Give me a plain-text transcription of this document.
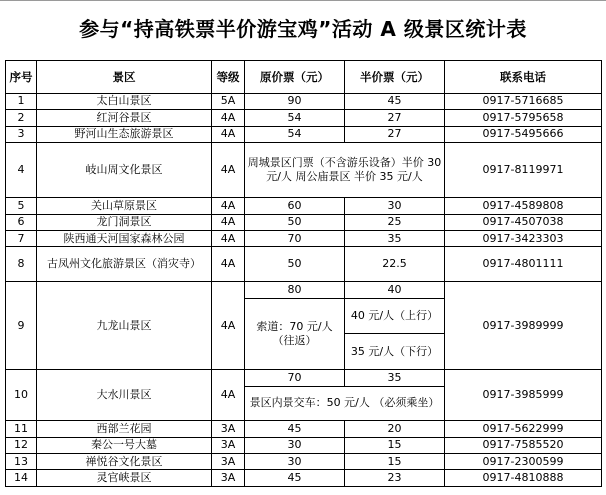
参与“持高铁票半价游宝鸡”活动 A 级景区统计表
序号	景区	等级	原价票（元）	半价票（元）	联系电话
1	太白山景区	5A	90	45	0917-5716685
2	红河谷景区	4A	54	27	0917-5795658
3	野河山生态旅游景区	4A	54	27	0917-5495666
4	岐山周文化景区	4A	周城景区门票（不含游乐设备）半价 30 元/人 周公庙景区 半价 35 元/人		0917-8119971
5	关山草原景区	4A	60	30	0917-4589808
6	龙门洞景区	4A	50	25	0917-4507038
7	陕西通天河国家森林公园	4A	70	35	0917-3423303
8	古凤州文化旅游景区（消灾寺）	4A	50	22.5	0917-4801111
9	九龙山景区	4A	80	40	0917-3989999
			索道：70 元/人（往返）	40 元/人（上行）	
				35 元/人（下行）	
10	大水川景区	4A	70	35	0917-3985999
			景区内景交车：50 元/人 （必须乘坐）		
11	西部兰花园	3A	45	20	0917-5622999
12	秦公一号大墓	3A	30	15	0917-7585520
13	禅悦谷文化景区	3A	30	15	0917-2300599
14	灵官峡景区	3A	45	23	0917-4810888
